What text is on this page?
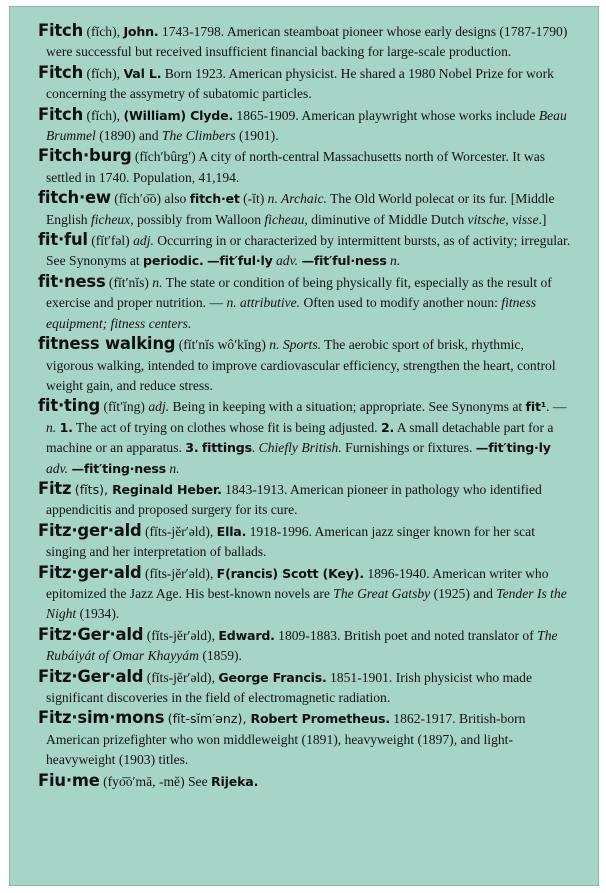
Fitch (fĭch), John. 1743-1798. American steamboat pioneer whose early designs (1787-1790) were successful but received insufficient financial backing for large-scale production.
Fitch (fĭch), Val L. Born 1923. American physicist. He shared a 1980 Nobel Prize for work concerning the assymetry of subatomic particles.
Fitch (fĭch), (William) Clyde. 1865-1909. American playwright whose works include Beau Brummel (1890) and The Climbers (1901).
Fitch·burg (fĭch′bûrg′) A city of north-central Massachusetts north of Worcester. It was settled in 1740. Population, 41,194.
fitch·ew (fĭch′o͞o) also fitch·et (-ĭt) n. Archaic. The Old World polecat or its fur. [Middle English ficheux, possibly from Walloon ficheau, diminutive of Middle Dutch vitsche, visse.]
fit·ful (fĭt′fəl) adj. Occurring in or characterized by intermittent bursts, as of activity; irregular. See Synonyms at periodic. —fit′ful·ly adv. —fit′ful·ness n.
fit·ness (fĭt′nĭs) n. The state or condition of being physically fit, especially as the result of exercise and proper nutrition. — n. attributive. Often used to modify another noun: fitness equipment; fitness centers.
fitness walking (fĭt′nĭs wô′kĭng) n. Sports. The aerobic sport of brisk, rhythmic, vigorous walking, intended to improve cardiovascular efficiency, strengthen the heart, control weight gain, and reduce stress.
fit·ting (fĭt′ĭng) adj. Being in keeping with a situation; appropriate. See Synonyms at fit¹. — n. 1. The act of trying on clothes whose fit is being adjusted. 2. A small detachable part for a machine or an apparatus. 3. fittings. Chiefly British. Furnishings or fixtures. —fit′ting·ly adv. —fit′ting·ness n.
Fitz (fĭts), Reginald Heber. 1843-1913. American pioneer in pathology who identified appendicitis and proposed surgery for its cure.
Fitz·ger·ald (fĭts-jĕr′əld), Ella. 1918-1996. American jazz singer known for her scat singing and her interpretation of ballads.
Fitz·ger·ald (fĭts-jĕr′əld), F(rancis) Scott (Key). 1896-1940. American writer who epitomized the Jazz Age. His best-known novels are The Great Gatsby (1925) and Tender Is the Night (1934).
Fitz·Ger·ald (fĭts-jĕr′əld), Edward. 1809-1883. British poet and noted translator of The Rubáiyát of Omar Khayyám (1859).
Fitz·Ger·ald (fĭts-jĕr′əld), George Francis. 1851-1901. Irish physicist who made significant discoveries in the field of electromagnetic radiation.
Fitz·sim·mons (fĭt-sĭm′ənz), Robert Prometheus. 1862-1917. British-born American prizefighter who won middleweight (1891), heavyweight (1897), and light-heavyweight (1903) titles.
Fiu·me (fyo͞o′mā, -mĕ) See Rijeka.
